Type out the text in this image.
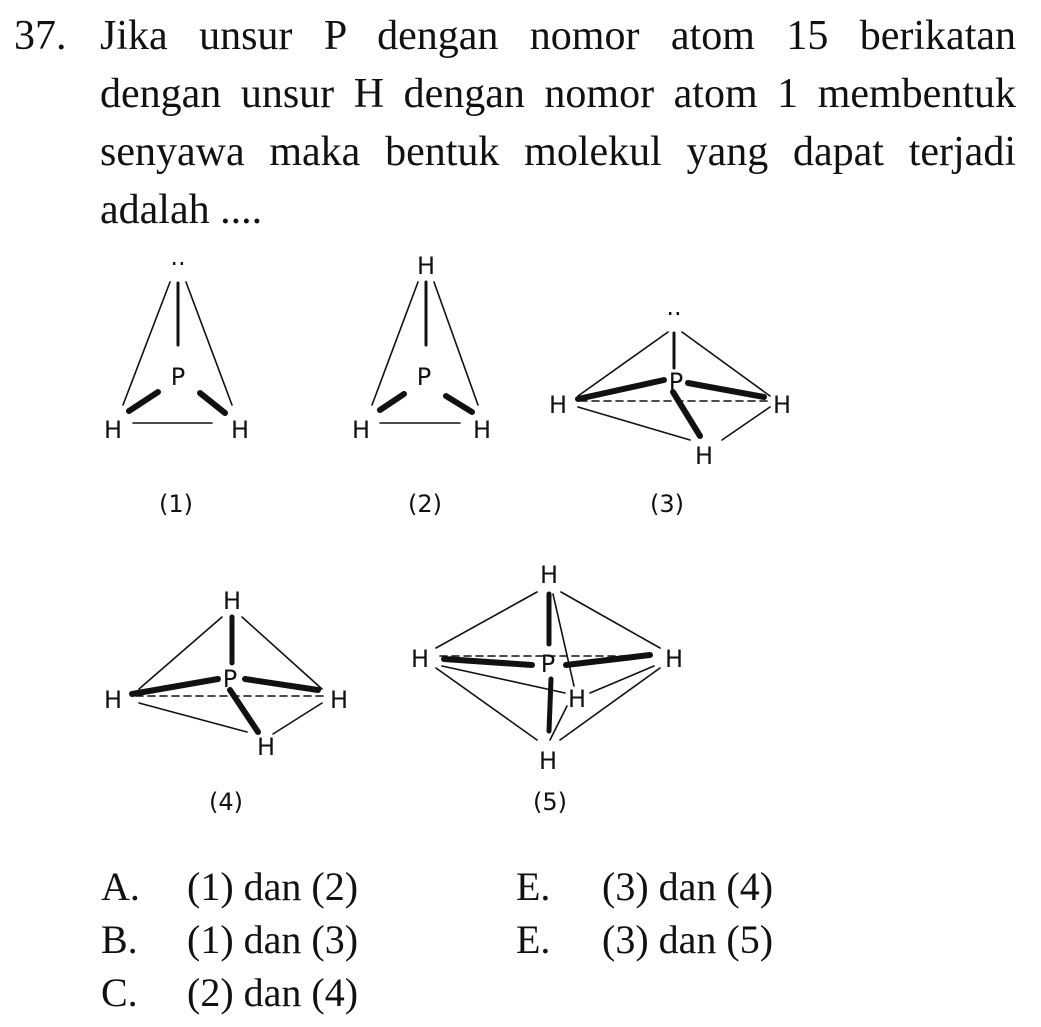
37. Jika unsur P dengan nomor atom 15 berikatan
dengan unsur H dengan nomor atom 1 membentuk
senyawa maka bentuk molekul yang dapat terjadi
adalah ....
··
P
H	H
(1)
H
P
H	H
(2)
··
P
H	H
H
(3)
H
P
H	H
H
(4)
H
P
H	H
H
H
(5)
A. (1) dan (2)
B. (1) dan (3)
C. (2) dan (4)
E. (3) dan (4)
E. (3) dan (5)
